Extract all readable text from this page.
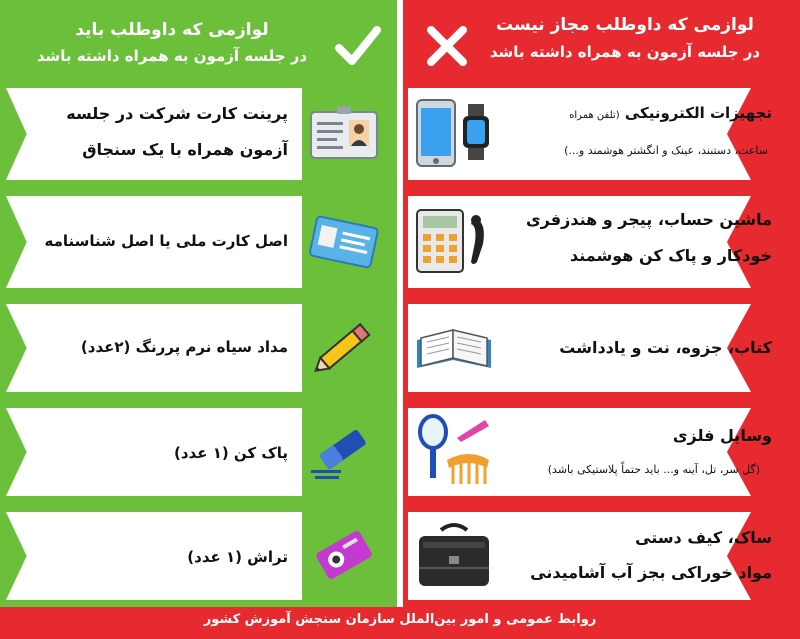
لوازمی که داوطلب باید
در جلسه آزمون به همراه داشته باشد
لوازمی که داوطلب مجاز نیست
در جلسه آزمون به همراه داشته باشد
پرینت کارت شرکت در جلسه
آزمون همراه با یک سنجاق
اصل کارت ملی یا اصل شناسنامه
مداد سیاه نرم پررنگ (۲عدد)
پاک کن (۱ عدد)
تراش (۱ عدد)
تجهیزات الکترونیکی (تلفن همراه
ساعت، دستبند، عینک و انگشتر هوشمند و...)
ماشین حساب، پیجر و هندزفری
خودکار و پاک کن هوشمند
کتاب، جزوه، نت و یادداشت
وسایل فلزی
(گل سر، تل، آینه و... باید حتماً پلاستیکی باشد)
ساک، کیف دستی
مواد خوراکی بجز آب آشامیدنی
روابط عمومی و امور بین‌الملل سازمان سنجش آموزش کشور
